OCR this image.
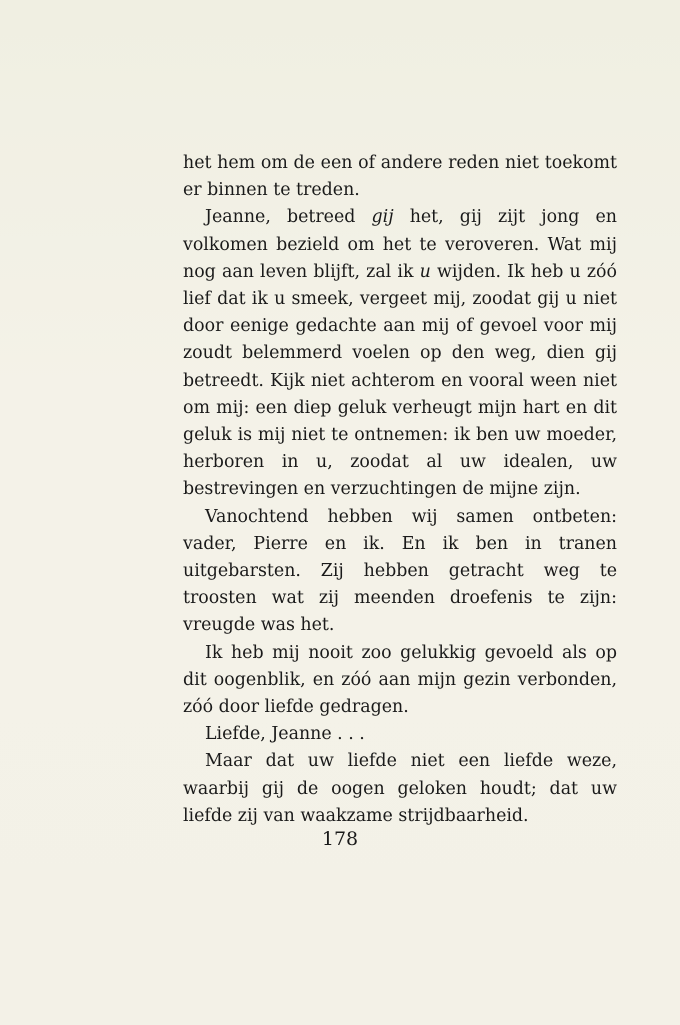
het hem om de een of andere reden niet toekomt er binnen te treden.

Jeanne, betreed gij het, gij zijt jong en volkomen bezield om het te veroveren. Wat mij nog aan leven blijft, zal ik u wijden. Ik heb u zóó lief dat ik u smeek, vergeet mij, zoodat gij u niet door eenige gedachte aan mij of gevoel voor mij zoudt belemmerd voelen op den weg, dien gij betreedt. Kijk niet achterom en vooral ween niet om mij: een diep geluk verheugt mijn hart en dit geluk is mij niet te ontnemen: ik ben uw moeder, herboren in u, zoodat al uw idealen, uw bestrevingen en verzuchtingen de mijne zijn.

Vanochtend hebben wij samen ontbeten: vader, Pierre en ik. En ik ben in tranen uitgebarsten. Zij hebben getracht weg te troosten wat zij meenden droefenis te zijn: vreugde was het.

Ik heb mij nooit zoo gelukkig gevoeld als op dit oogenblik, en zóó aan mijn gezin verbonden, zóó door liefde gedragen.

Liefde, Jeanne . . .

Maar dat uw liefde niet een liefde weze, waarbij gij de oogen geloken houdt; dat uw liefde zij van waakzame strijdbaarheid.

178
